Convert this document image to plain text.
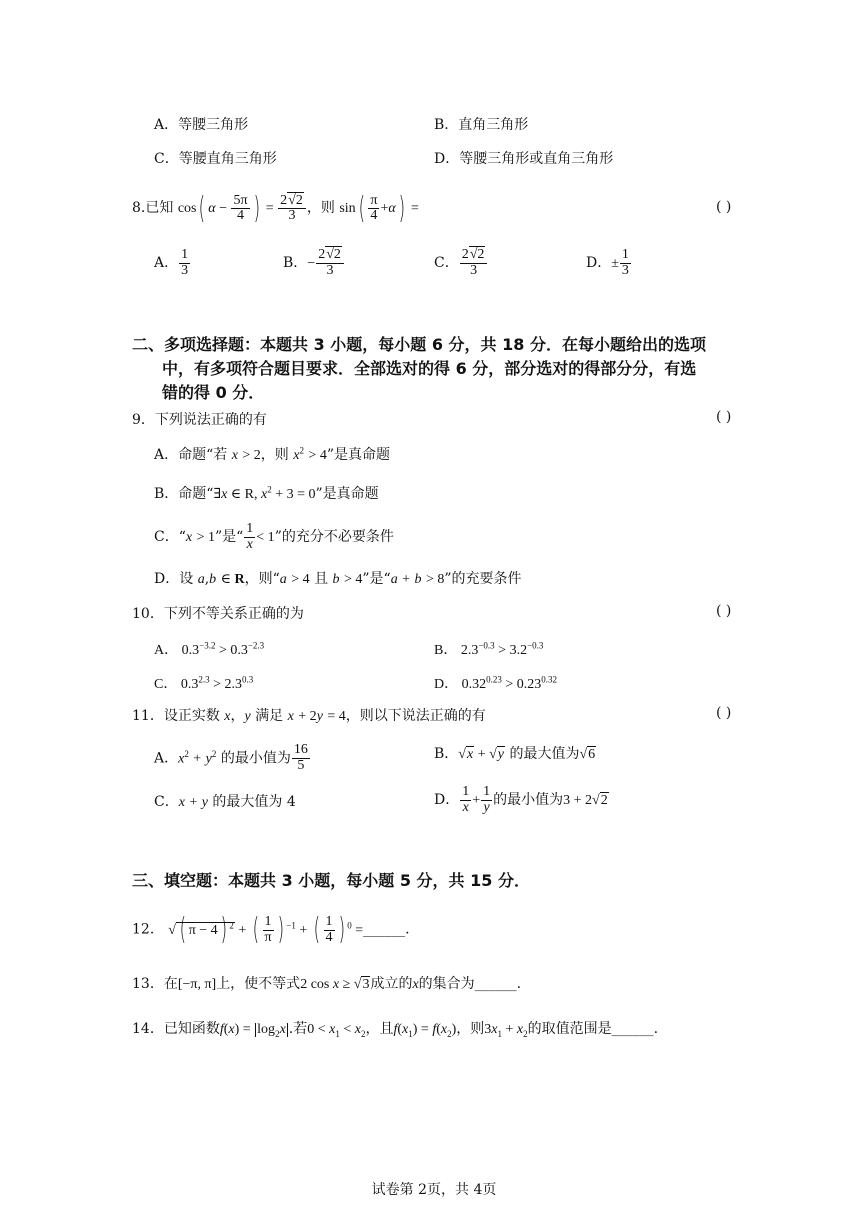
A．等腰三角形	B．直角三角形
C．等腰直角三角形	D．等腰三角形或直角三角形
8.已知 cos( $\alpha - \frac{5\pi}{4}$ ) = $\frac{2√2}{3}$ ，则 $\sin( \frac{\pi}{4} +\alpha)$ =	( )
A． $\frac{1}{3}$	B．− $\frac{2√2}{3}$	C． $\frac{2√2}{3}$	D．± $\frac{1}{3}$
二、多项选择题：本题共 3 小题，每小题 6 分，共 18 分．在每小题给出的选项
中，有多项符合题目要求．全部选对的得 6 分，部分选对的得部分分，有选
错的得 0 分．
9．下列说法正确的有	( )
A．命题“若 x > 2，则 $x^2 > 4$”是真命题
B．命题“∃x ∈ R, $x^2 + 3 = 0$”是真命题
C．“x > 1”是“ $\frac{1}{x} < 1$”的充分不必要条件
D．设 a,b ∈ R，则“a > 4 且 b > 4”是“a + b > 8”的充要条件
10．下列不等关系正确的为	( )
A． $0.3^{-3.2} > 0.3^{-2.3}$	B． $2.3^{-0.3} > 3.2^{-0.3}$
C． $0.3^{2.3} > 2.3^{0.3}$	D． $0.32^{0.23} > 0.23^{0.32}$
11．设正实数 x，y 满足 x + 2y = 4，则以下说法正确的有	( )
A．$x^2 + y^2$ 的最小值为 $\frac{16}{5}$	B．√x + √y 的最大值为√6
C．x + y 的最大值为 4	D． $\frac{1}{x} + \frac{1}{y}$ 的最小值为3 + 2√2
三、填空题：本题共 3 小题，每小题 5 分，共 15 分．
12． √ ( π − 4) $^2$ + ( $\frac{1}{\pi}$ ) $^{-1}$ + ( $\frac{1}{4}$ ) $^0$ =______.
13．在[−π, π]上，使不等式2 cos x ≥ √3成立的x的集合为______.
14．已知函数$f(x) = \log_2x$ .若$0 < x_1 < x_2$，且$f(x_1) = f(x_2)$，则$3x_1 + x_2$的取值范围是______.
试卷第 2页，共 4页
